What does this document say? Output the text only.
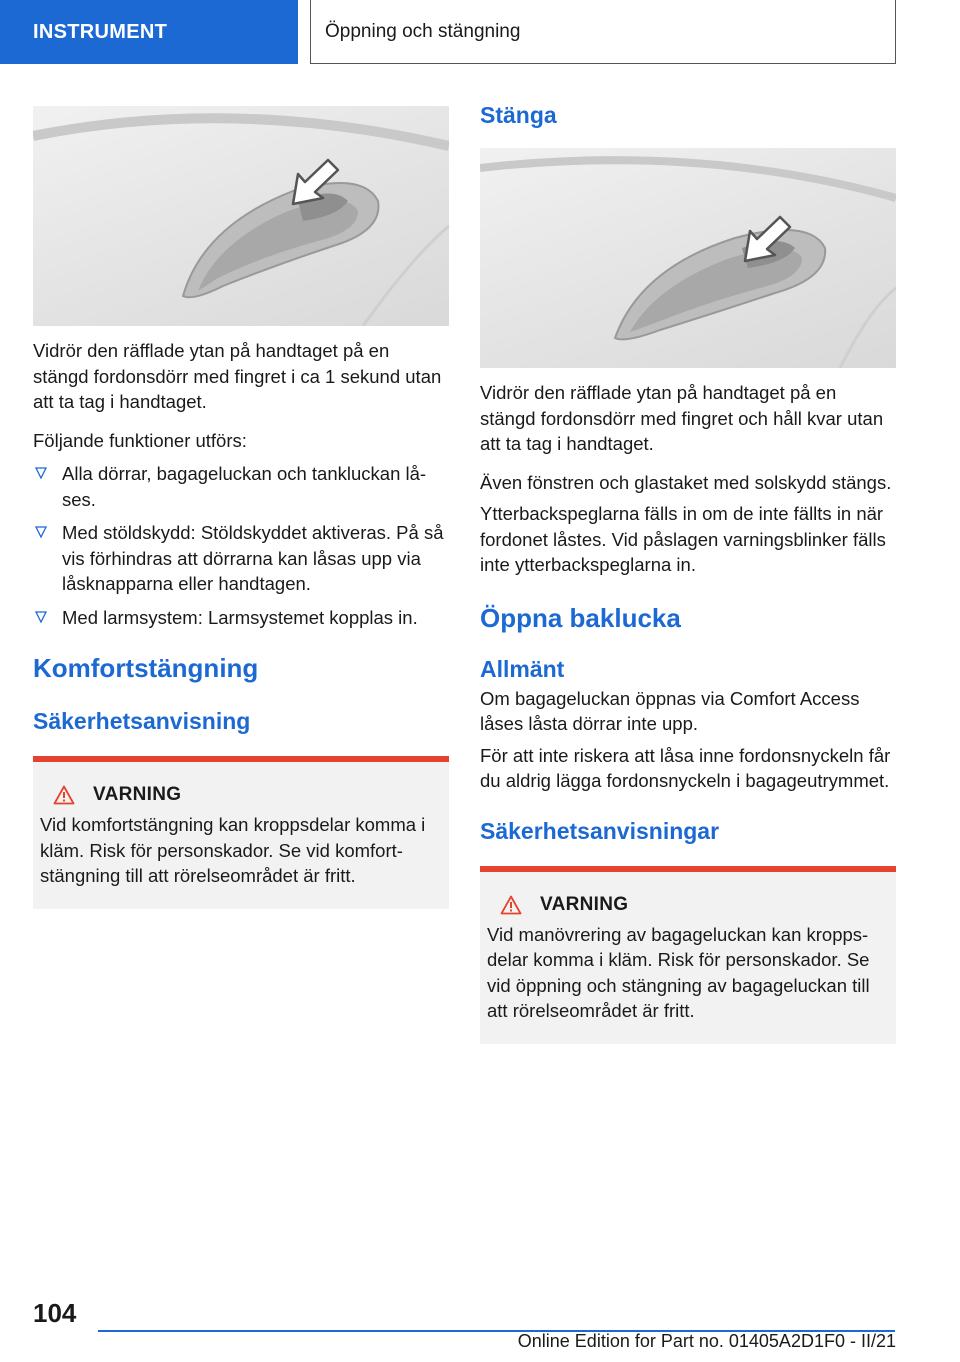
INSTRUMENT	Öppning och stängning

Vidrör den räfflade ytan på handtaget på en stängd fordonsdörr med fingret i ca 1 sekund utan att ta tag i handtaget.

Följande funktioner utförs:

Alla dörrar, bagageluckan och tankluckan låses.
Med stöldskydd: Stöldskyddet aktiveras. På så vis förhindras att dörrarna kan låsas upp via låsknapparna eller handtagen.
Med larmsystem: Larmsystemet kopplas in.
Komfortstängning
Säkerhetsanvisning
VARNING

Vid komfortstängning kan kroppsdelar komma i kläm. Risk för personskador. Se vid komfortstängning till att rörelseområdet är fritt.

Stänga

Vidrör den räfflade ytan på handtaget på en stängd fordonsdörr med fingret och håll kvar utan att ta tag i handtaget.

Även fönstren och glastaket med solskydd stängs.

Ytterbackspeglarna fälls in om de inte fällts in när fordonet låstes. Vid påslagen varningsblinker fälls inte ytterbackspeglarna in.

Öppna baklucka
Allmänt

Om bagageluckan öppnas via Comfort Access låses låsta dörrar inte upp.

För att inte riskera att låsa inne fordonsnyckeln får du aldrig lägga fordonsnyckeln i bagageutrymmet.

Säkerhetsanvisningar
VARNING

Vid manövrering av bagageluckan kan kroppsdelar komma i kläm. Risk för personskador. Se vid öppning och stängning av bagageluckan till att rörelseområdet är fritt.

104
Online Edition for Part no. 01405A2D1F0 - II/21
